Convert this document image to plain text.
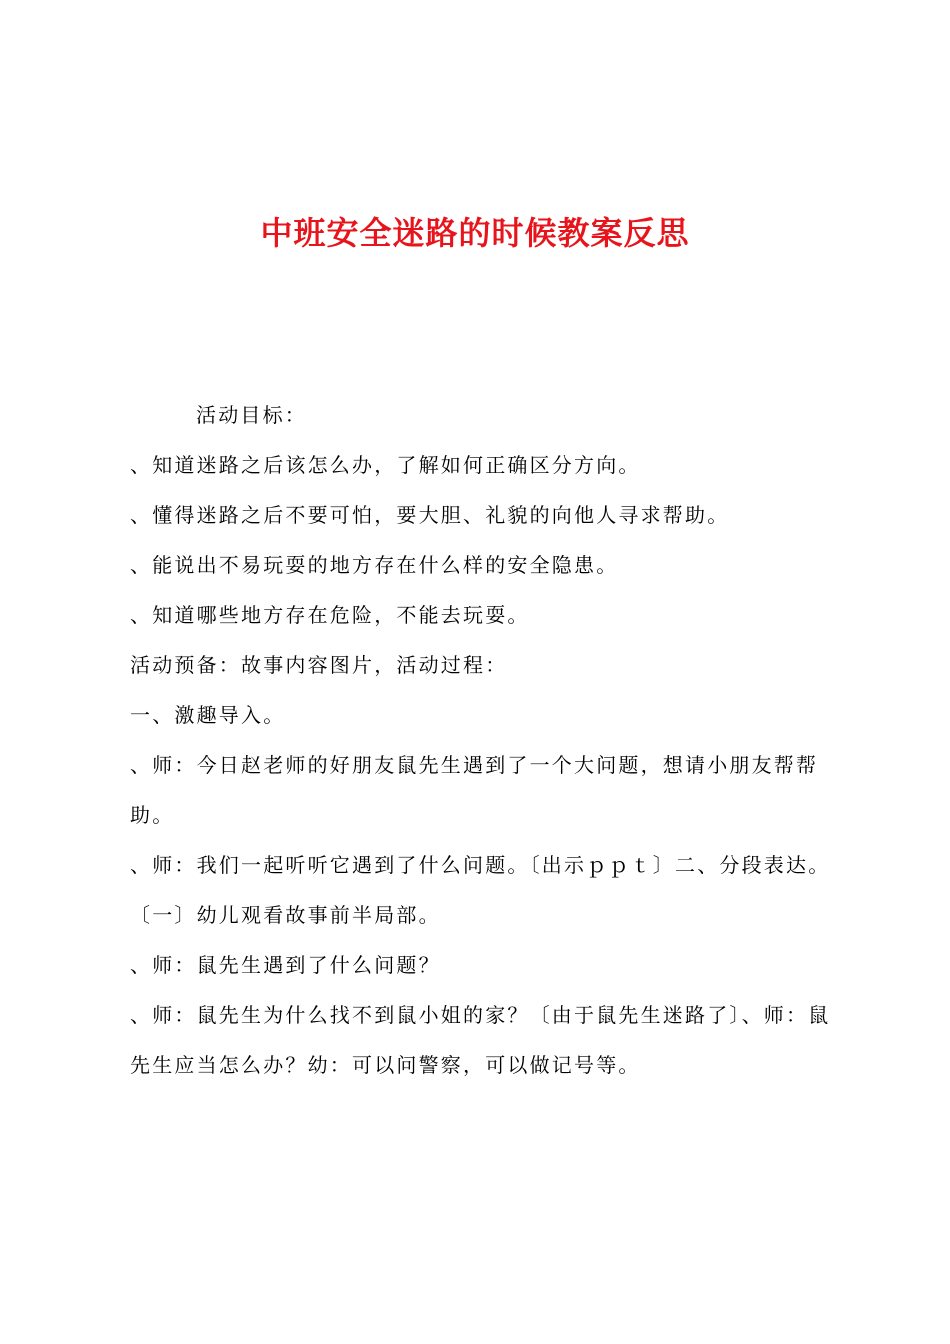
中班安全迷路的时候教案反思

活动目标：

、知道迷路之后该怎么办，了解如何正确区分方向。

、懂得迷路之后不要可怕，要大胆、礼貌的向他人寻求帮助。

、能说出不易玩耍的地方存在什么样的安全隐患。

、知道哪些地方存在危险，不能去玩耍。

活动预备：故事内容图片，活动过程：

一、激趣导入。

、师：今日赵老师的好朋友鼠先生遇到了一个大问题，想请小朋友帮帮助。

、师：我们一起听听它遇到了什么问题。〔出示ｐｐｔ〕二、分段表达。

〔一〕幼儿观看故事前半局部。

、师：鼠先生遇到了什么问题？

、师：鼠先生为什么找不到鼠小姐的家？〔由于鼠先生迷路了〕、师：鼠先生应当怎么办？幼：可以问警察，可以做记号等。
